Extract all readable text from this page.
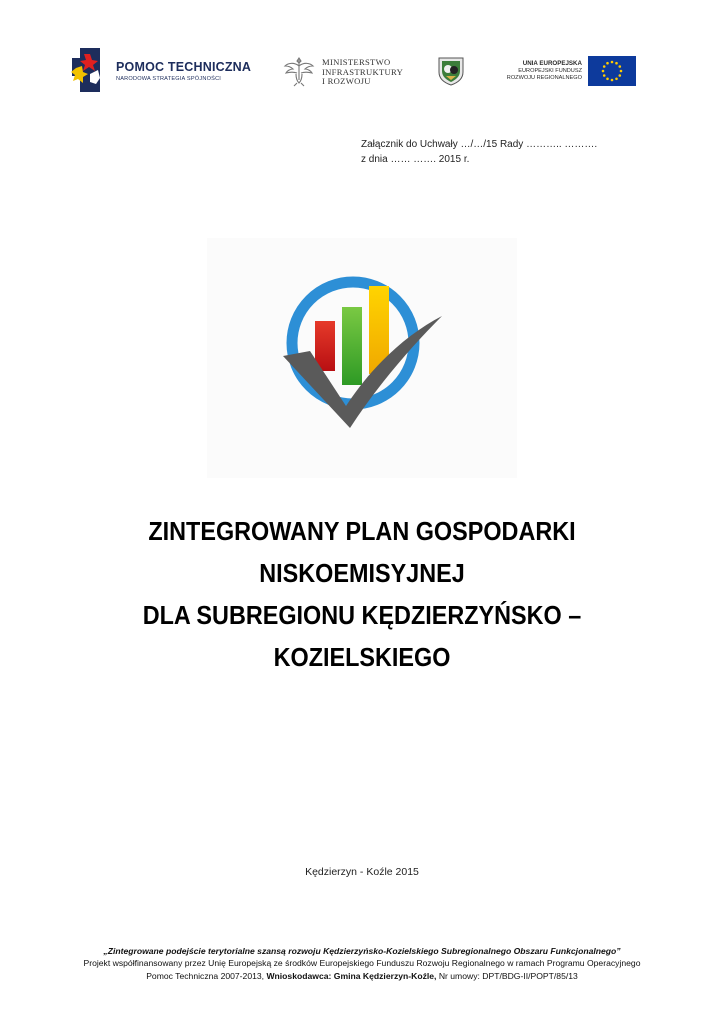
POMOC TECHNICZNA
NARODOWA STRATEGIA SPÓJNOŚCI
MINISTERSTWO
INFRASTRUKTURY
I ROZWOJU
UNIA EUROPEJSKA
EUROPEJSKI FUNDUSZ
ROZWOJU REGIONALNEGO
Załącznik do Uchwały …/…/15 Rady ……….. ……….
z dnia …… ……. 2015 r.
ZINTEGROWANY PLAN GOSPODARKI
NISKOEMISYJNEJ
DLA SUBREGIONU KĘDZIERZYŃSKO –
KOZIELSKIEGO
Kędzierzyn - Koźle 2015
„Zintegrowane podejście terytorialne szansą rozwoju Kędzierzyńsko-Kozielskiego Subregionalnego Obszaru Funkcjonalnego”
Projekt współfinansowany przez Unię Europejską ze środków Europejskiego Funduszu Rozwoju Regionalnego w ramach Programu Operacyjnego
Pomoc Techniczna 2007-2013, Wnioskodawca: Gmina Kędzierzyn-Koźle, Nr umowy: DPT/BDG-II/POPT/85/13
